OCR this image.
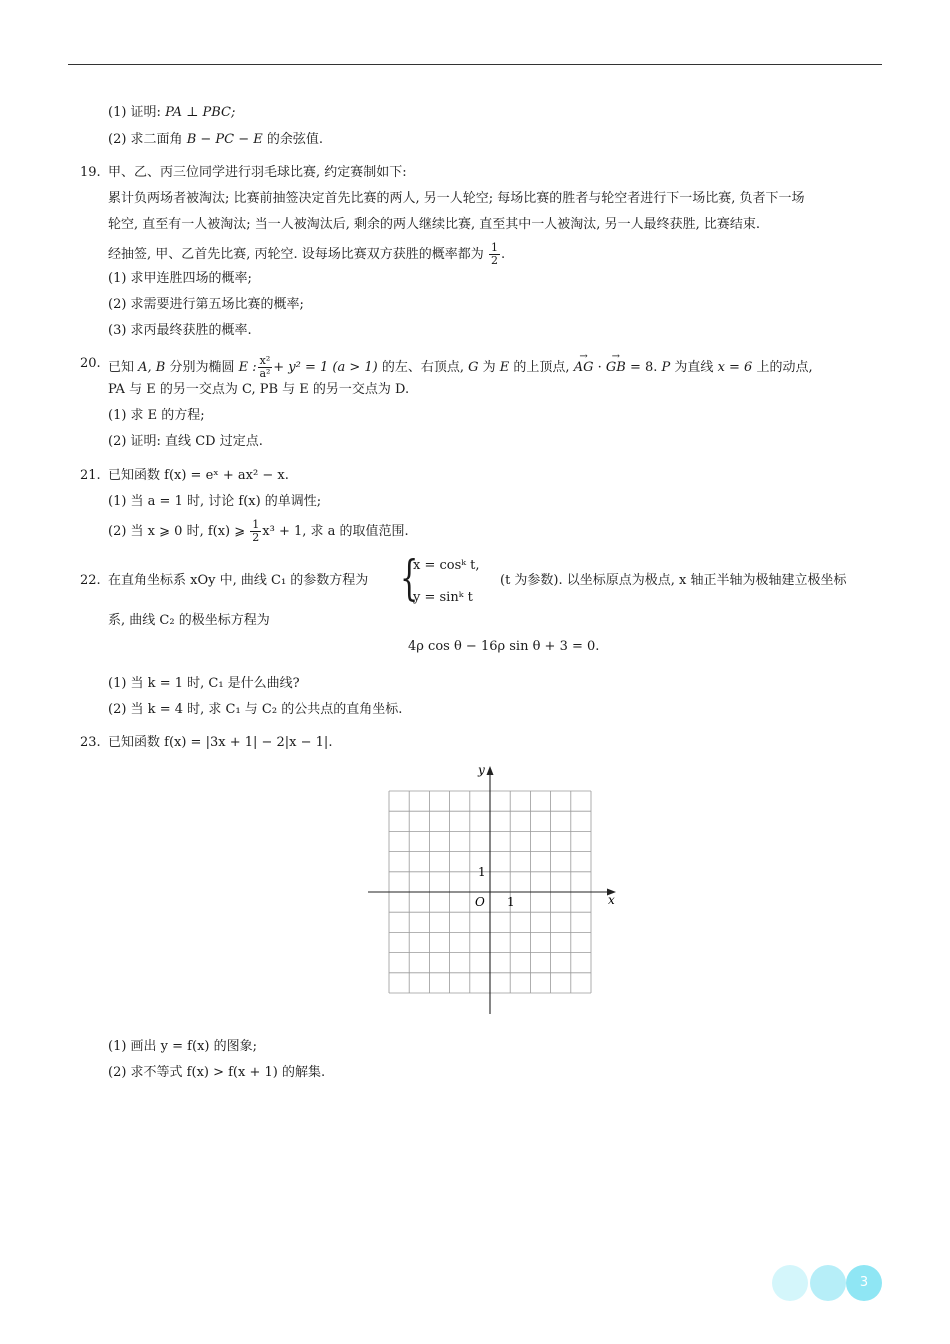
(1) 证明: PA ⊥ PBC;
(2) 求二面角 B − PC − E 的余弦值.
19. 甲、乙、丙三位同学进行羽毛球比赛, 约定赛制如下:
累计负两场者被淘汰; 比赛前抽签决定首先比赛的两人, 另一人轮空; 每场比赛的胜者与轮空者进行下一场比赛, 负者下一场
轮空, 直至有一人被淘汰; 当一人被淘汰后, 剩余的两人继续比赛, 直至其中一人被淘汰, 另一人最终获胜, 比赛结束.
经抽签, 甲、乙首先比赛, 丙轮空. 设每场比赛双方获胜的概率都为 $\frac{1}{2}$ .
(1) 求甲连胜四场的概率;
(2) 求需要进行第五场比赛的概率;
(3) 求丙最终获胜的概率.
20. 已知 A, B 分别为椭圆 E : $\frac{\text{x²}}{\text{a²}} + y^2 = 1$ (a > 1) 的左、右顶点, G 为 E 的上顶点, → AG · → GB = 8. P 为直线 x = 6 上的动点,
PA 与 E 的另一交点为 C, PB 与 E 的另一交点为 D.
(1) 求 E 的方程;
(2) 证明: 直线 CD 过定点.
21. 已知函数 f(x) = eˣ + ax² − x.
(1) 当 a = 1 时, 讨论 f(x) 的单调性;
(2) 当 x ⩾ 0 时, f(x) ⩾ $\frac{1}{2} x^3 + 1$, 求 a 的取值范围.
22. 在直角坐标系 xOy 中, 曲线 C₁ 的参数方程为 {
x = cosᵏ t,
y = sinᵏ t
(t 为参数). 以坐标原点为极点, x 轴正半轴为极轴建立极坐标
系, 曲线 C₂ 的极坐标方程为
4ρ cos θ − 16ρ sin θ + 3 = 0.
(1) 当 k = 1 时, C₁ 是什么曲线?
(2) 当 k = 4 时, 求 C₁ 与 C₂ 的公共点的直角坐标.
23. 已知函数 f(x) = |3x + 1| − 2|x − 1|.
x
y
O 1
1
(1) 画出 y = f(x) 的图象;
(2) 求不等式 f(x) > f(x + 1) 的解集.
3
